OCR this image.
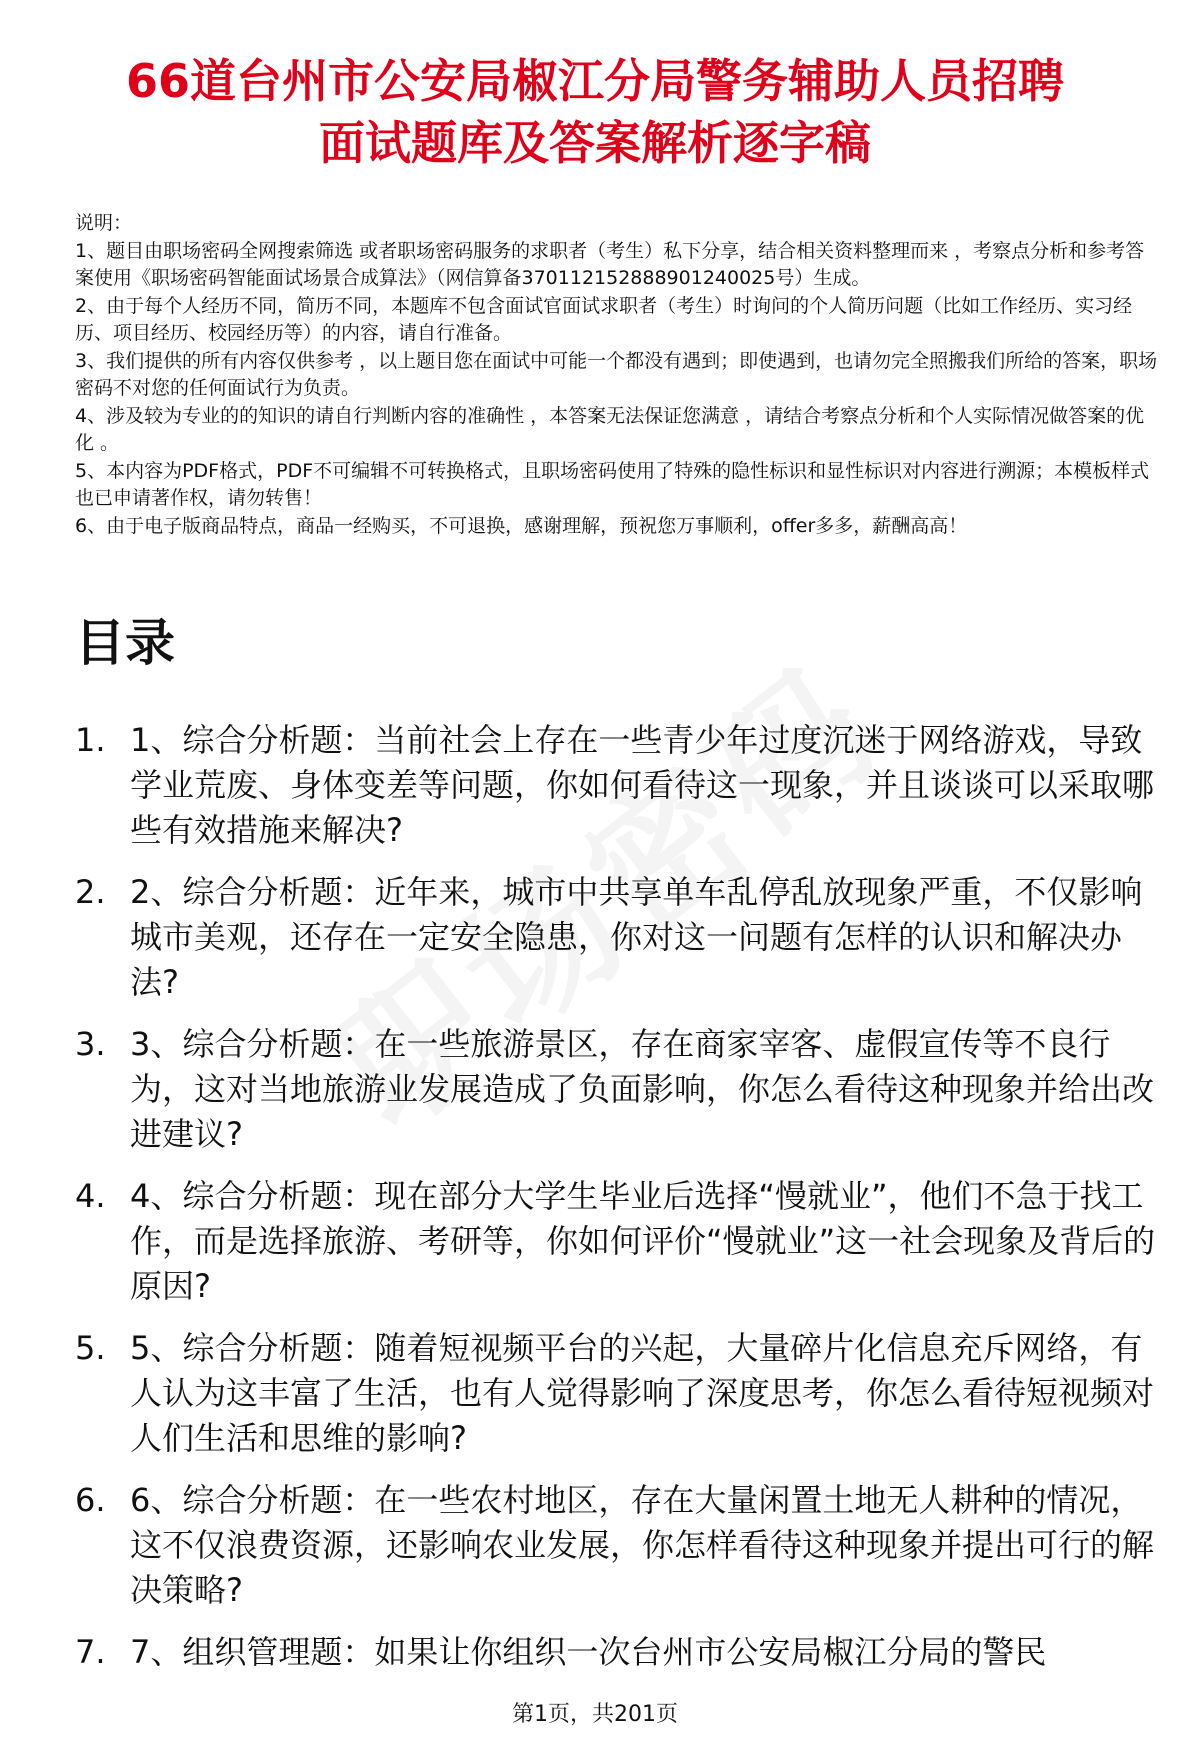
66道台州市公安局椒江分局警务辅助人员招聘
面试题库及答案解析逐字稿

说明：

1、题目由职场密码全网搜索筛选 或者职场密码服务的求职者（考生）私下分享，结合相关资料整理而来 ，考察点分析和参考答案使用《职场密码智能面试场景合成算法》（网信算备370112152888901240025号）生成。

2、由于每个人经历不同，简历不同，本题库不包含面试官面试求职者（考生）时询问的个人简历问题（比如工作经历、实习经历、项目经历、校园经历等）的内容，请自行准备。

3、我们提供的所有内容仅供参考 ，以上题目您在面试中可能一个都没有遇到；即使遇到，也请勿完全照搬我们所给的答案，职场密码不对您的任何面试行为负责。

4、涉及较为专业的的知识的请自行判断内容的准确性 ，本答案无法保证您满意 ，请结合考察点分析和个人实际情况做答案的优化 。

5、本内容为PDF格式，PDF不可编辑不可转换格式，且职场密码使用了特殊的隐性标识和显性标识对内容进行溯源；本模板样式也已申请著作权，请勿转售！

6、由于电子版商品特点，商品一经购买，不可退换，感谢理解，预祝您万事顺利，offer多多，薪酬高高！

目录
1. 1、综合分析题：当前社会上存在一些青少年过度沉迷于网络游戏，导致学业荒废、身体变差等问题，你如何看待这一现象，并且谈谈可以采取哪些有效措施来解决?
2. 2、综合分析题：近年来，城市中共享单车乱停乱放现象严重，不仅影响城市美观，还存在一定安全隐患，你对这一问题有怎样的认识和解决办法?
3. 3、综合分析题：在一些旅游景区，存在商家宰客、虚假宣传等不良行为，这对当地旅游业发展造成了负面影响，你怎么看待这种现象并给出改进建议?
4. 4、综合分析题：现在部分大学生毕业后选择“慢就业”，他们不急于找工作，而是选择旅游、考研等，你如何评价“慢就业”这一社会现象及背后的原因?
5. 5、综合分析题：随着短视频平台的兴起，大量碎片化信息充斥网络，有人认为这丰富了生活，也有人觉得影响了深度思考，你怎么看待短视频对人们生活和思维的影响?
6. 6、综合分析题：在一些农村地区，存在大量闲置土地无人耕种的情况，这不仅浪费资源，还影响农业发展，你怎样看待这种现象并提出可行的解决策略?
7. 7、组织管理题：如果让你组织一次台州市公安局椒江分局的警民
第1页，共201页
